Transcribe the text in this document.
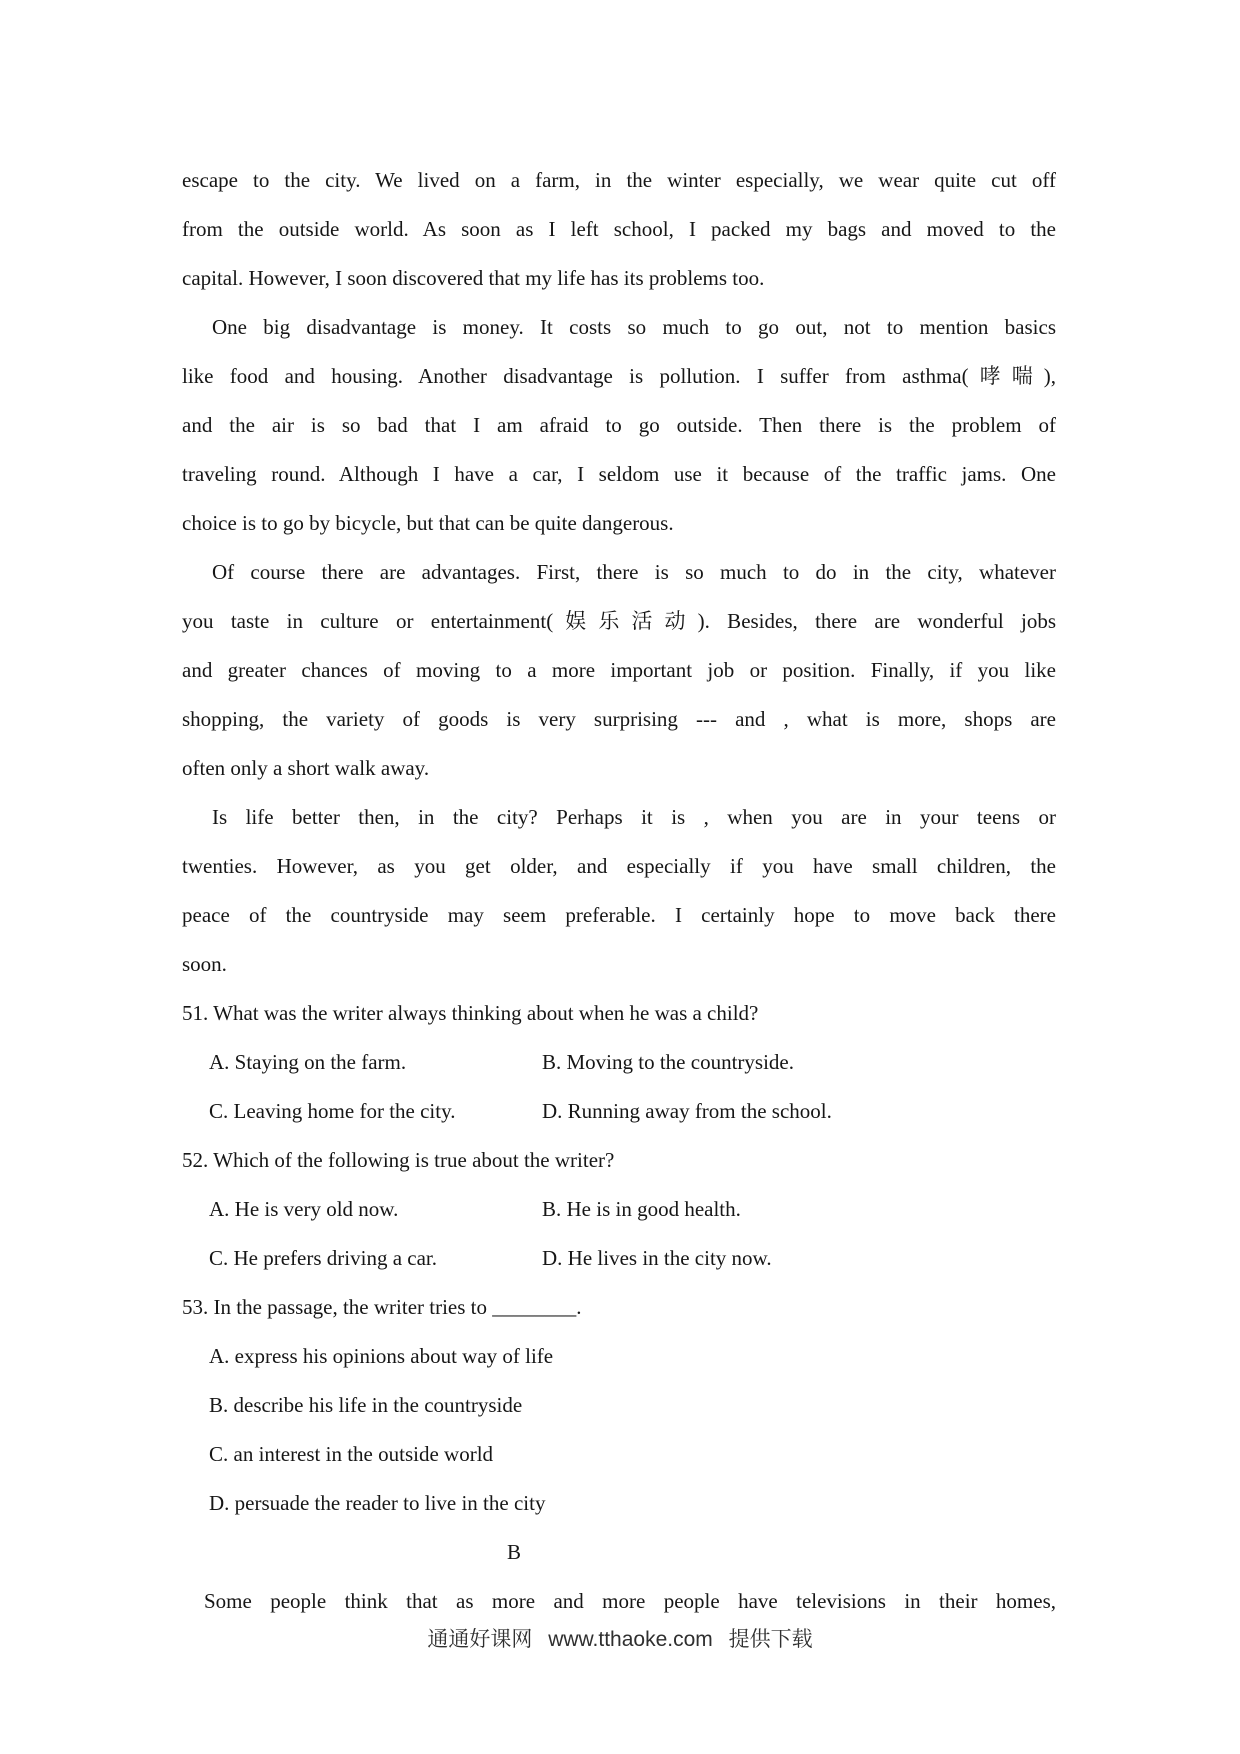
escape to the city. We lived on a farm, in the winter especially, we wear quite cut off
from the outside world. As soon as I left school, I packed my bags and moved to the
capital. However, I soon discovered that my life has its problems too.
One big disadvantage is money. It costs so much to go out, not to mention basics
like food and housing. Another disadvantage is pollution. I suffer from asthma(哮喘),
and the air is so bad that I am afraid to go outside. Then there is the problem of
traveling round. Although I have a car, I seldom use it because of the traffic jams. One
choice is to go by bicycle, but that can be quite dangerous.
Of course there are advantages. First, there is so much to do in the city, whatever
you taste in culture or entertainment(娱乐活动). Besides, there are wonderful jobs
and greater chances of moving to a more important job or position. Finally, if you like
shopping, the variety of goods is very surprising --- and , what is more, shops are
often only a short walk away.
Is life better then, in the city? Perhaps it is , when you are in your teens or
twenties. However, as you get older, and especially if you have small children, the
peace of the countryside may seem preferable. I certainly hope to move back there
soon.
51. What was the writer always thinking about when he was a child?
A. Staying on the farm.	B. Moving to the countryside.
C. Leaving home for the city.	D. Running away from the school.
52. Which of the following is true about the writer?
A. He is very old now.	B. He is in good health.
C. He prefers driving a car.	D. He lives in the city now.
53. In the passage, the writer tries to ________.
A. express his opinions about way of life
B. describe his life in the countryside
C. an interest in the outside world
D. persuade the reader to live in the city
B
Some people think that as more and more people have televisions in their homes,
通通好课网 www.tthaoke.com 提供下载
